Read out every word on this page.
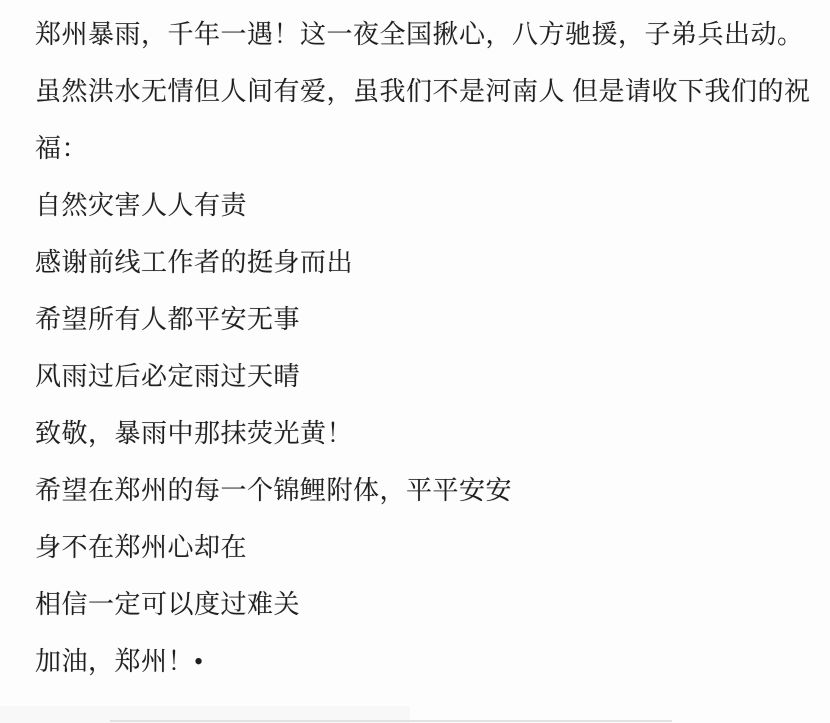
郑州暴雨，千年一遇！这一夜全国揪心，八方驰援，子弟兵出动。
虽然洪水无情但人间有爱，虽我们不是河南人 但是请收下我们的祝
福：
自然灾害人人有责
感谢前线工作者的挺身而出
希望所有人都平安无事
风雨过后必定雨过天晴
致敬，暴雨中那抹荧光黄！
希望在郑州的每一个锦鲤附体，平平安安
身不在郑州心却在
相信一定可以度过难关
加油，郑州！•
